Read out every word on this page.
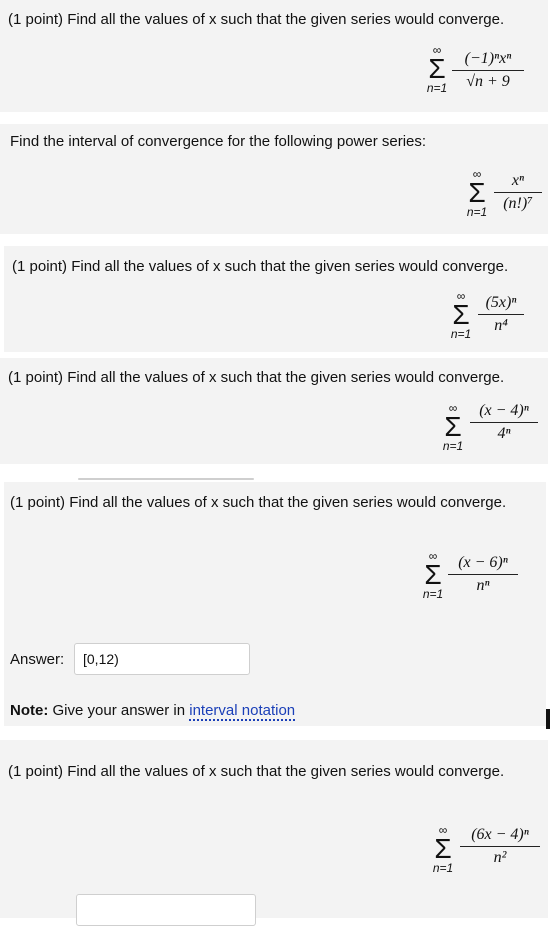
(1 point) Find all the values of x such that the given series would converge.
∞
Σ
n=1
(−1)ⁿxⁿ
√n + 9
Find the interval of convergence for the following power series:
∞
Σ
n=1
xⁿ
(n!)⁷
(1 point) Find all the values of x such that the given series would converge.
∞
Σ
n=1
(5x)ⁿ
n⁴
(1 point) Find all the values of x such that the given series would converge.
∞
Σ
n=1
(x − 4)ⁿ
4ⁿ
(1 point) Find all the values of x such that the given series would converge.
∞
Σ
n=1
(x − 6)ⁿ
nⁿ
Answer:	[0,12)
Note: Give your answer in interval notation
(1 point) Find all the values of x such that the given series would converge.
∞
Σ
n=1
(6x − 4)ⁿ
n²
